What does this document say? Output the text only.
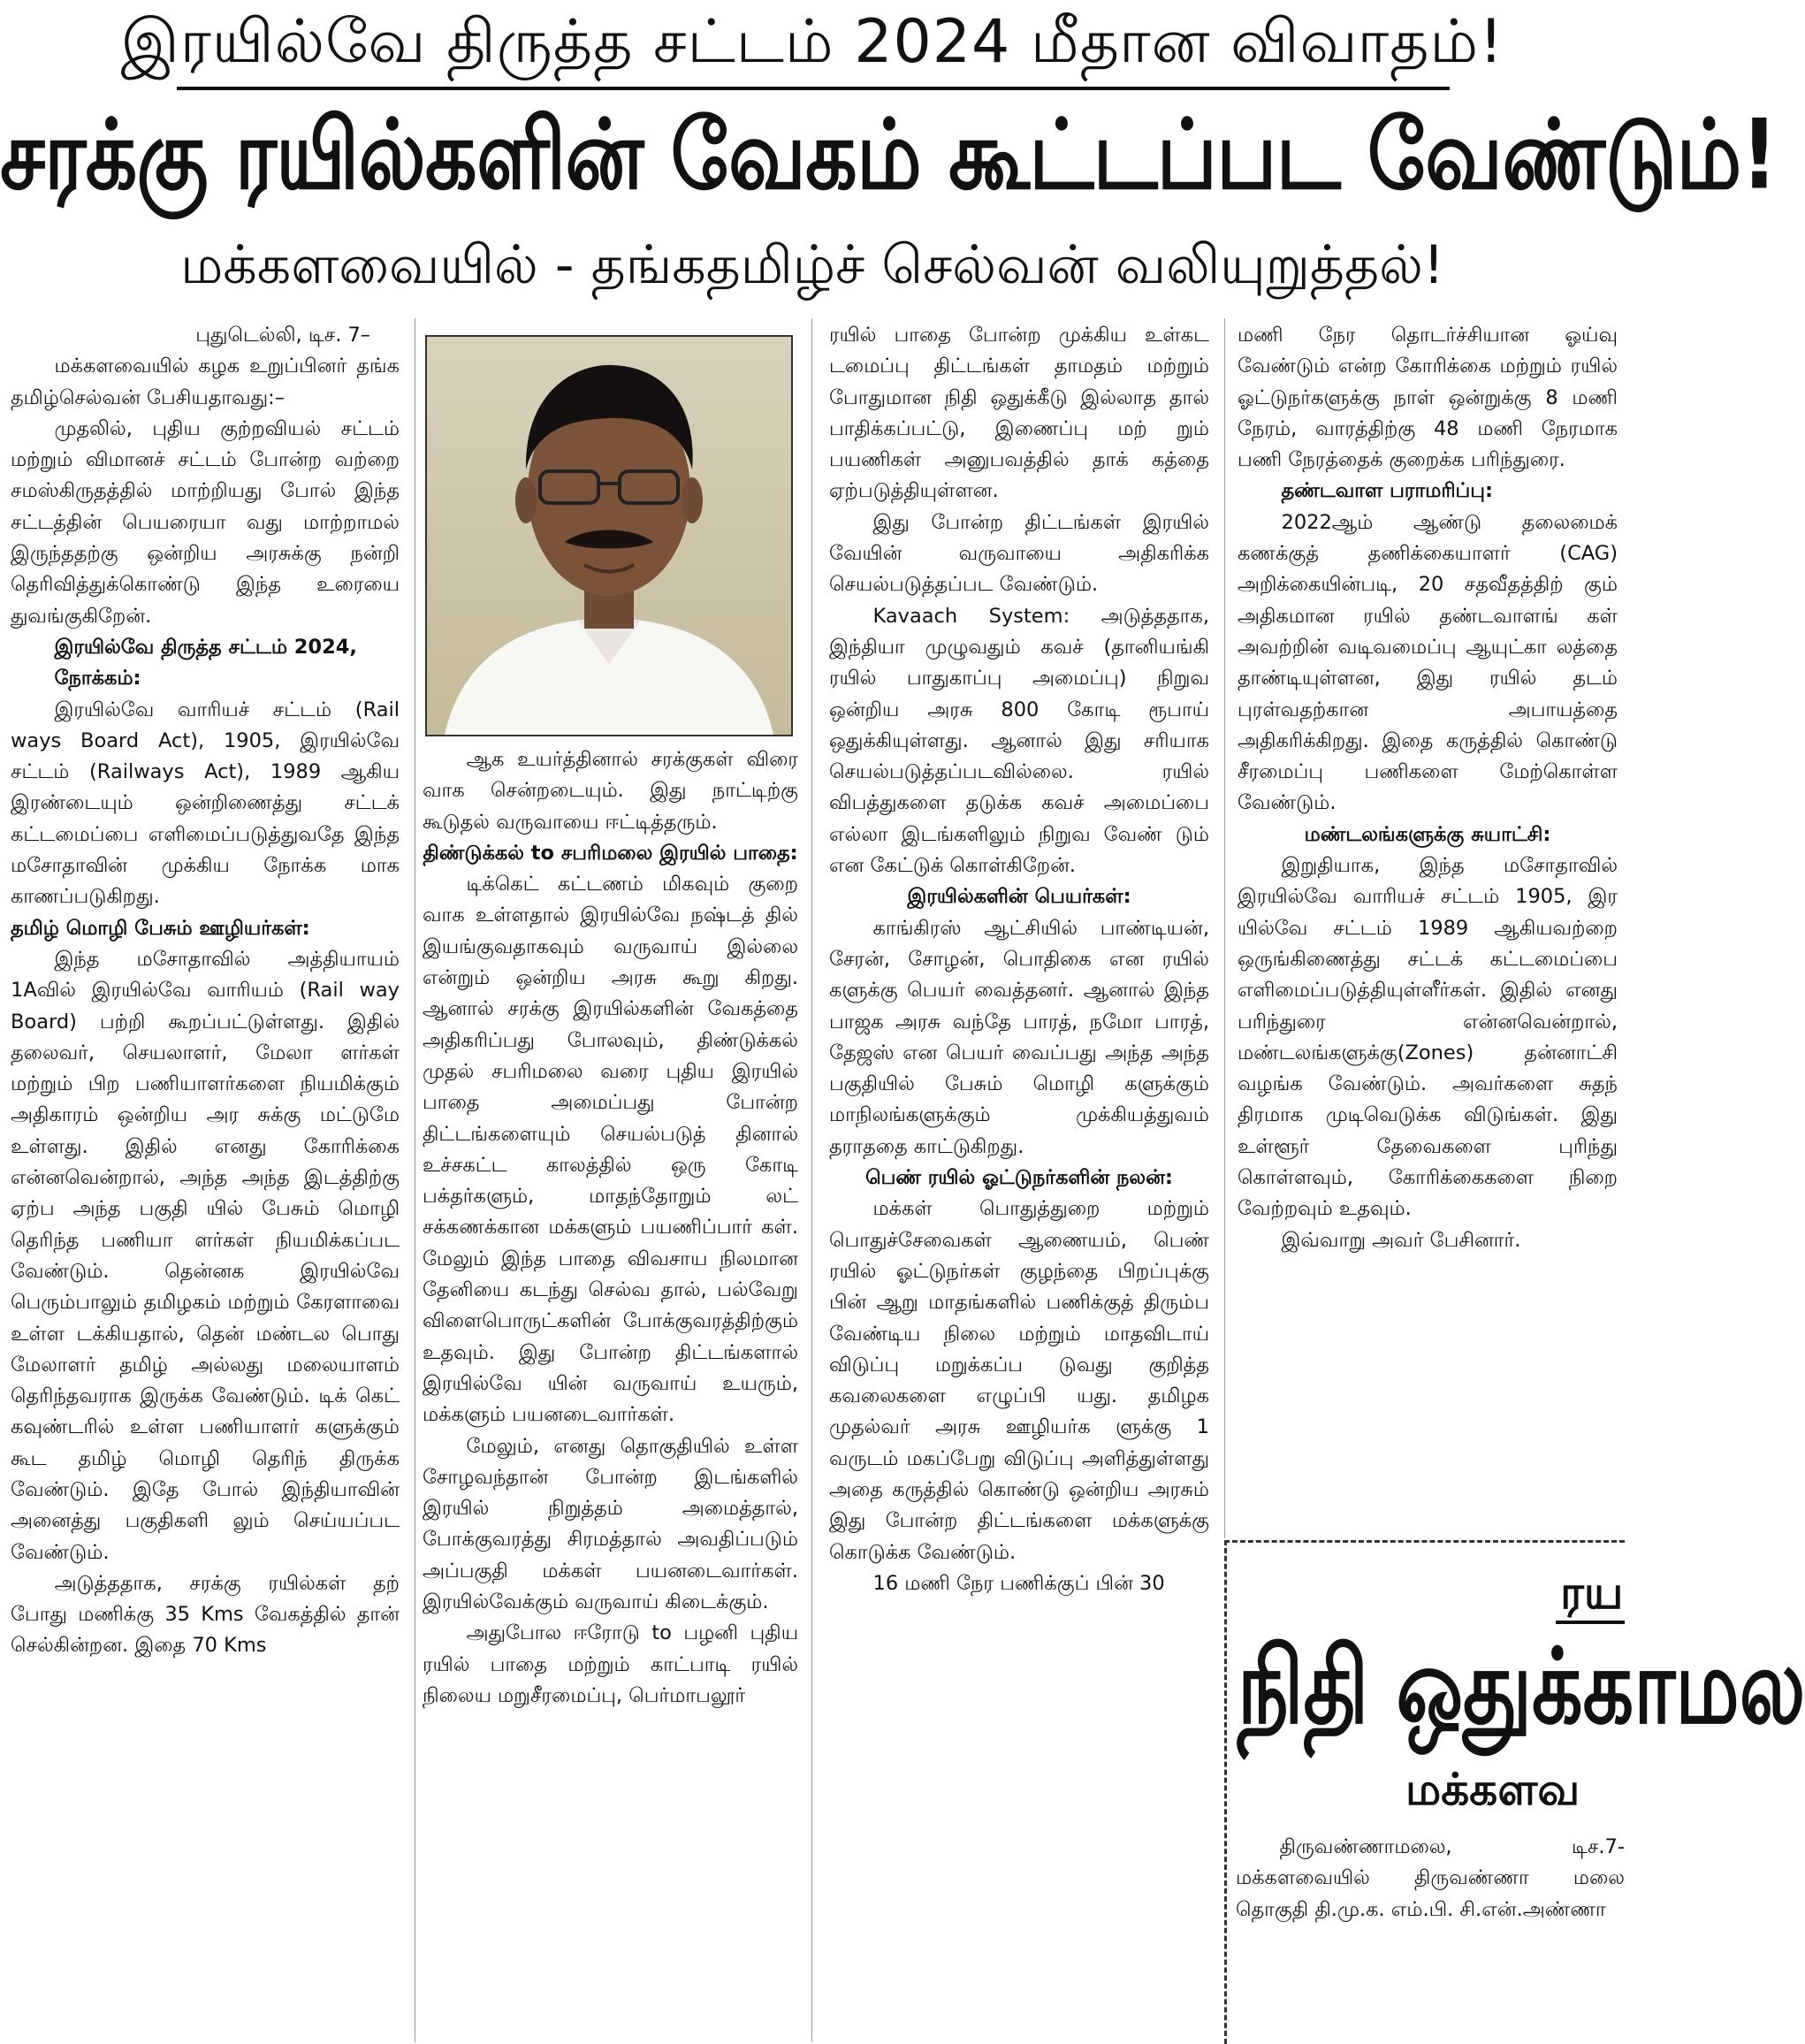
இரயில்வே திருத்த சட்டம் 2024 மீதான விவாதம்!
சரக்கு ரயில்களின் வேகம் கூட்டப்பட வேண்டும்!
மக்களவையில் - தங்கதமிழ்ச் செல்வன் வலியுறுத்தல்!

புதுடெல்லி, டிச. 7–

மக்களவையில் கழக உறுப்பினர் தங்க தமிழ்செல்வன் பேசியதாவது:–

முதலில், புதிய குற்றவியல் சட்டம் மற்றும் விமானச் சட்டம் போன்ற வற்றை சமஸ்கிருதத்தில் மாற்றியது போல் இந்த சட்டத்தின் பெயரையா வது மாற்றாமல் இருந்ததற்கு ஒன்றிய அரசுக்கு நன்றி தெரிவித்துக்கொண்டு இந்த உரையை துவங்குகிறேன்.

இரயில்வே திருத்த சட்டம் 2024, நோக்கம்:

இரயில்வே வாரியச் சட்டம் (Rail ways Board Act), 1905, இரயில்வே சட்டம் (Railways Act), 1989 ஆகிய இரண்டையும் ஒன்றிணைத்து சட்டக் கட்டமைப்பை எளிமைப்படுத்துவதே இந்த மசோதாவின் முக்கிய நோக்க மாக காணப்படுகிறது.

தமிழ் மொழி பேசும் ஊழியர்கள்:

இந்த மசோதாவில் அத்தியாயம் 1Aவில் இரயில்வே வாரியம் (Rail way Board) பற்றி கூறப்பட்டுள்ளது. இதில் தலைவர், செயலாளர், மேலா ளர்கள் மற்றும் பிற பணியாளர்களை நியமிக்கும் அதிகாரம் ஒன்றிய அர சுக்கு மட்டுமே உள்ளது. இதில் எனது கோரிக்கை என்னவென்றால், அந்த அந்த இடத்திற்கு ஏற்ப அந்த பகுதி யில் பேசும் மொழி தெரிந்த பணியா ளர்கள் நியமிக்கப்பட வேண்டும். தென்னக இரயில்வே பெரும்பாலும் தமிழகம் மற்றும் கேரளாவை உள்ள டக்கியதால், தென் மண்டல பொது மேலாளர் தமிழ் அல்லது மலையாளம் தெரிந்தவராக இருக்க வேண்டும். டிக் கெட் கவுண்டரில் உள்ள பணியாளர் களுக்கும் கூட தமிழ் மொழி தெரிந் திருக்க வேண்டும். இதே போல் இந்தியாவின் அனைத்து பகுதிகளி லும் செய்யப்பட வேண்டும்.

அடுத்ததாக, சரக்கு ரயில்கள் தற் போது மணிக்கு 35 Kms வேகத்தில் தான் செல்கின்றன. இதை 70 Kms

ஆக உயர்த்தினால் சரக்குகள் விரை வாக சென்றடையும். இது நாட்டிற்கு கூடுதல் வருவாயை ஈட்டித்தரும்.

திண்டுக்கல் to சபரிமலை இரயில் பாதை:

டிக்கெட் கட்டணம் மிகவும் குறை வாக உள்ளதால் இரயில்வே நஷ்டத் தில் இயங்குவதாகவும் வருவாய் இல்லை என்றும் ஒன்றிய அரசு கூறு கிறது. ஆனால் சரக்கு இரயில்களின் வேகத்தை அதிகரிப்பது போலவும், திண்டுக்கல் முதல் சபரிமலை வரை புதிய இரயில் பாதை அமைப்பது போன்ற திட்டங்களையும் செயல்படுத் தினால் உச்சகட்ட காலத்தில் ஒரு கோடி பக்தர்களும், மாதந்தோறும் லட் சக்கணக்கான மக்களும் பயணிப்பார் கள். மேலும் இந்த பாதை விவசாய நிலமான தேனியை கடந்து செல்வ தால், பல்வேறு விளைபொருட்களின் போக்குவரத்திற்கும் உதவும். இது போன்ற திட்டங்களால் இரயில்வே யின் வருவாய் உயரும், மக்களும் பயனடைவார்கள்.

மேலும், எனது தொகுதியில் உள்ள சோழவந்தான் போன்ற இடங்களில் இரயில் நிறுத்தம் அமைத்தால், போக்குவரத்து சிரமத்தால் அவதிப்படும் அப்பகுதி மக்கள் பயனடைவார்கள். இரயில்வேக்கும் வருவாய் கிடைக்கும்.

அதுபோல ஈரோடு to பழனி புதிய ரயில் பாதை மற்றும் காட்பாடி ரயில் நிலைய மறுசீரமைப்பு, பெர்மாபலூர்

ரயில் பாதை போன்ற முக்கிய உள்கட டமைப்பு திட்டங்கள் தாமதம் மற்றும் போதுமான நிதி ஒதுக்கீடு இல்லாத தால் பாதிக்கப்பட்டு, இணைப்பு மற் றும் பயணிகள் அனுபவத்தில் தாக் கத்தை ஏற்படுத்தியுள்ளன.

இது போன்ற திட்டங்கள் இரயில் வேயின் வருவாயை அதிகரிக்க செயல்படுத்தப்பட வேண்டும்.

Kavaach System: அடுத்ததாக, இந்தியா முழுவதும் கவச் (தானியங்கி ரயில் பாதுகாப்பு அமைப்பு) நிறுவ ஒன்றிய அரசு 800 கோடி ரூபாய் ஒதுக்கியுள்ளது. ஆனால் இது சரியாக செயல்படுத்தப்படவில்லை. ரயில் விபத்துகளை தடுக்க கவச் அமைப்பை எல்லா இடங்களிலும் நிறுவ வேண் டும் என கேட்டுக் கொள்கிறேன்.

இரயில்களின் பெயர்கள்:

காங்கிரஸ் ஆட்சியில் பாண்டியன், சேரன், சோழன், பொதிகை என ரயில் களுக்கு பெயர் வைத்தனர். ஆனால் இந்த பாஜக அரசு வந்தே பாரத், நமோ பாரத், தேஜஸ் என பெயர் வைப்பது அந்த அந்த பகுதியில் பேசும் மொழி களுக்கும் மாநிலங்களுக்கும் முக்கியத்துவம் தராததை காட்டுகிறது.

பெண் ரயில் ஓட்டுநர்களின் நலன்:

மக்கள் பொதுத்துறை மற்றும் பொதுச்சேவைகள் ஆணையம், பெண் ரயில் ஓட்டுநர்கள் குழந்தை பிறப்புக்கு பின் ஆறு மாதங்களில் பணிக்குத் திரும்ப வேண்டிய நிலை மற்றும் மாதவிடாய் விடுப்பு மறுக்கப்ப டுவது குறித்த கவலைகளை எழுப்பி யது. தமிழக முதல்வர் அரசு ஊழியர்க ளுக்கு 1 வருடம் மகப்பேறு விடுப்பு அளித்துள்ளது அதை கருத்தில் கொண்டு ஒன்றிய அரசும் இது போன்ற திட்டங்களை மக்களுக்கு கொடுக்க வேண்டும்.

16 மணி நேர பணிக்குப் பின் 30

மணி நேர தொடர்ச்சியான ஓய்வு வேண்டும் என்ற கோரிக்கை மற்றும் ரயில் ஓட்டுநர்களுக்கு நாள் ஒன்றுக்கு 8 மணி நேரம், வாரத்திற்கு 48 மணி நேரமாக பணி நேரத்தைக் குறைக்க பரிந்துரை.

தண்டவாள பராமரிப்பு:

2022ஆம் ஆண்டு தலைமைக் கணக்குத் தணிக்கையாளர் (CAG) அறிக்கையின்படி, 20 சதவீதத்திற் கும் அதிகமான ரயில் தண்டவாளங் கள் அவற்றின் வடிவமைப்பு ஆயுட்கா லத்தை தாண்டியுள்ளன, இது ரயில் தடம் புரள்வதற்கான அபாயத்தை அதிகரிக்கிறது. இதை கருத்தில் கொண்டு சீரமைப்பு பணிகளை மேற்கொள்ள வேண்டும்.

மண்டலங்களுக்கு சுயாட்சி:

இறுதியாக, இந்த மசோதாவில் இரயில்வே வாரியச் சட்டம் 1905, இர யில்வே சட்டம் 1989 ஆகியவற்றை ஒருங்கிணைத்து சட்டக் கட்டமைப்பை எளிமைப்படுத்தியுள்ளீர்கள். இதில் எனது பரிந்துரை என்னவென்றால், மண்டலங்களுக்கு(Zones) தன்னாட்சி வழங்க வேண்டும். அவர்களை சுதந் திரமாக முடிவெடுக்க விடுங்கள். இது உள்ளூர் தேவைகளை புரிந்து கொள்ளவும், கோரிக்கைகளை நிறை வேற்றவும் உதவும்.

இவ்வாறு அவர் பேசினார்.

ரய
நிதி ஒதுக்காமல
மக்களவ

திருவண்ணாமலை, டிச.7- மக்களவையில் திருவண்ணா மலை தொகுதி தி.மு.க. எம்.பி. சி.என்.அண்ணா
